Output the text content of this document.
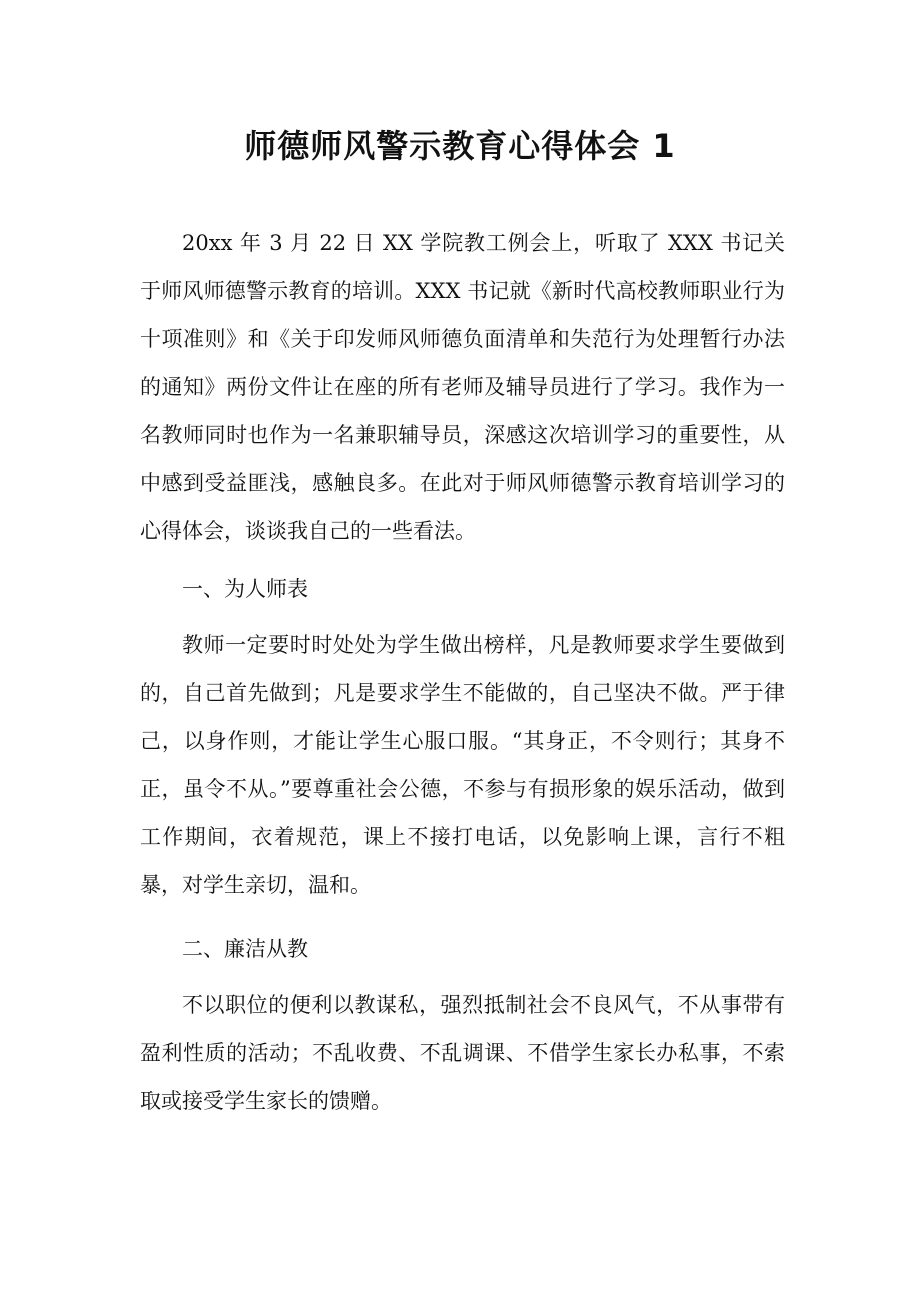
师德师风警示教育心得体会 1

20xx 年 3 月 22 日 XX 学院教工例会上，听取了 XXX 书记关于师风师德警示教育的培训。XXX 书记就《新时代高校教师职业行为十项准则》和《关于印发师风师德负面清单和失范行为处理暂行办法的通知》两份文件让在座的所有老师及辅导员进行了学习。我作为一名教师同时也作为一名兼职辅导员，深感这次培训学习的重要性，从中感到受益匪浅，感触良多。在此对于师风师德警示教育培训学习的心得体会，谈谈我自己的一些看法。

一、为人师表

教师一定要时时处处为学生做出榜样，凡是教师要求学生要做到的，自己首先做到；凡是要求学生不能做的，自己坚决不做。严于律己，以身作则，才能让学生心服口服。“其身正，不令则行；其身不正，虽令不从。”要尊重社会公德，不参与有损形象的娱乐活动，做到工作期间，衣着规范，课上不接打电话，以免影响上课，言行不粗暴，对学生亲切，温和。

二、廉洁从教

不以职位的便利以教谋私，强烈抵制社会不良风气，不从事带有盈利性质的活动；不乱收费、不乱调课、不借学生家长办私事，不索取或接受学生家长的馈赠。
